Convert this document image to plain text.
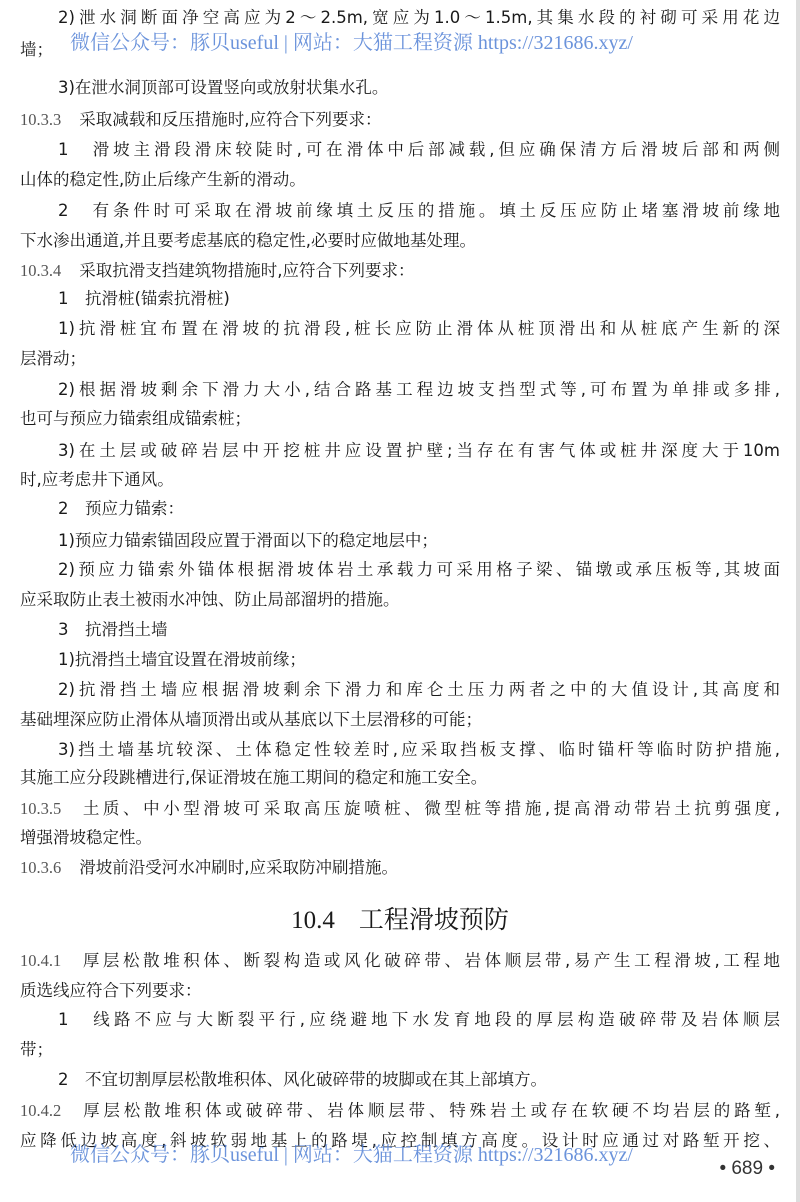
2)泄水洞断面净空高应为2～2.5m,宽应为1.0～1.5m,其集水段的衬砌可采用花边
墙；
3)在泄水洞顶部可设置竖向或放射状集水孔。
10.3.3 采取减载和反压措施时,应符合下列要求：
1　滑坡主滑段滑床较陡时,可在滑体中后部减载,但应确保清方后滑坡后部和两侧
山体的稳定性,防止后缘产生新的滑动。
2　有条件时可采取在滑坡前缘填土反压的措施。填土反压应防止堵塞滑坡前缘地
下水渗出通道,并且要考虑基底的稳定性,必要时应做地基处理。
10.3.4 采取抗滑支挡建筑物措施时,应符合下列要求：
1　抗滑桩(锚索抗滑桩)
1)抗滑桩宜布置在滑坡的抗滑段,桩长应防止滑体从桩顶滑出和从桩底产生新的深
层滑动；
2)根据滑坡剩余下滑力大小,结合路基工程边坡支挡型式等,可布置为单排或多排,
也可与预应力锚索组成锚索桩；
3)在土层或破碎岩层中开挖桩井应设置护壁;当存在有害气体或桩井深度大于10m
时,应考虑井下通风。
2　预应力锚索：
1)预应力锚索锚固段应置于滑面以下的稳定地层中；
2)预应力锚索外锚体根据滑坡体岩土承载力可采用格子梁、锚墩或承压板等,其坡面
应采取防止表土被雨水冲蚀、防止局部溜坍的措施。
3　抗滑挡土墙
1)抗滑挡土墙宜设置在滑坡前缘；
2)抗滑挡土墙应根据滑坡剩余下滑力和库仑土压力两者之中的大值设计,其高度和
基础埋深应防止滑体从墙顶滑出或从基底以下土层滑移的可能；
3)挡土墙基坑较深、土体稳定性较差时,应采取挡板支撑、临时锚杆等临时防护措施,
其施工应分段跳槽进行,保证滑坡在施工期间的稳定和施工安全。
10.3.5 土质、中小型滑坡可采取高压旋喷桩、微型桩等措施,提高滑动带岩土抗剪强度,
增强滑坡稳定性。
10.3.6 滑坡前沿受河水冲刷时,应采取防冲刷措施。
10.4 工程滑坡预防
10.4.1 厚层松散堆积体、断裂构造或风化破碎带、岩体顺层带,易产生工程滑坡,工程地
质选线应符合下列要求：
1　线路不应与大断裂平行,应绕避地下水发育地段的厚层构造破碎带及岩体顺层
带；
2　不宜切割厚层松散堆积体、风化破碎带的坡脚或在其上部填方。
10.4.2 厚层松散堆积体或破碎带、岩体顺层带、特殊岩土或存在软硬不均岩层的路堑,
应降低边坡高度,斜坡软弱地基上的路堤,应控制填方高度。设计时应通过对路堑开挖、
微信公众号：豚贝useful | 网站：大猫工程资源 https://321686.xyz/
微信公众号：豚贝useful | 网站：大猫工程资源 https://321686.xyz/
• 689 •
